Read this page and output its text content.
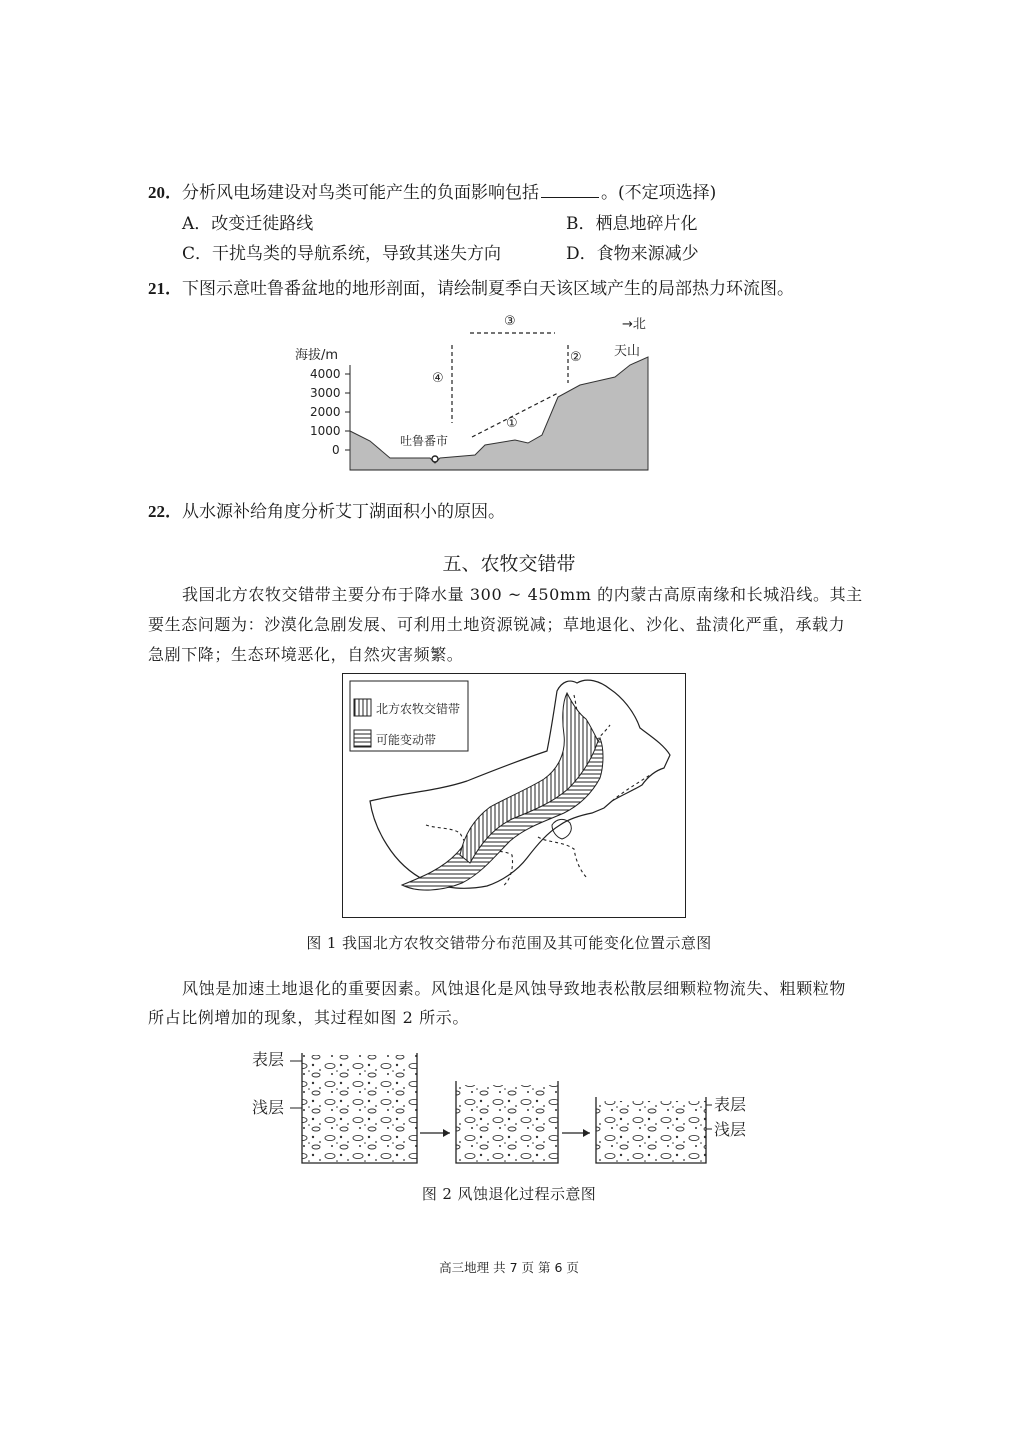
20．分析风电场建设对鸟类可能产生的负面影响包括	。(不定项选择)
A．改变迁徙路线	B．栖息地碎片化
C．干扰鸟类的导航系统，导致其迷失方向	D．食物来源减少
21．下图示意吐鲁番盆地的地形剖面，请绘制夏季白天该区域产生的局部热力环流图。
海拔/m
4000
3000
2000
1000
0
吐鲁番市
①
②
③
④
→北
天山
22．从水源补给角度分析艾丁湖面积小的原因。
五、农牧交错带
我国北方农牧交错带主要分布于降水量 300 ~ 450mm 的内蒙古高原南缘和长城沿线。其主
要生态问题为：沙漠化急剧发展、可利用土地资源锐减；草地退化、沙化、盐渍化严重，承载力
急剧下降；生态环境恶化，自然灾害频繁。
北方农牧交错带
可能变动带
图 1 我国北方农牧交错带分布范围及其可能变化位置示意图
风蚀是加速土地退化的重要因素。风蚀退化是风蚀导致地表松散层细颗粒物流失、粗颗粒物
所占比例增加的现象，其过程如图 2 所示。
表层
浅层	表层
浅层
图 2 风蚀退化过程示意图
高三地理 共 7 页 第 6 页
